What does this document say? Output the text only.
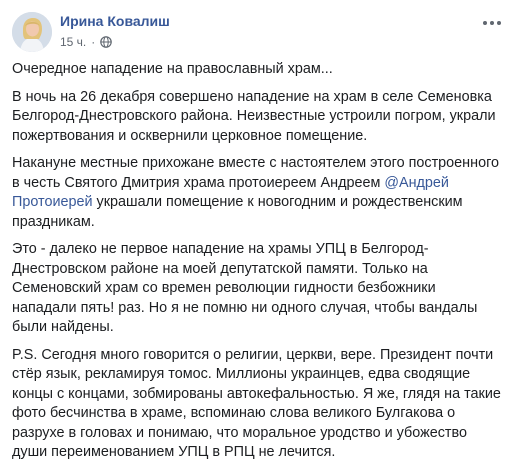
Ирина Ковалиш
15 ч. ·

Очередное нападение на православный храм...

В ночь на 26 декабря совершено нападение на храм в селе Семеновка Белгород-Днестровского района. Неизвестные устроили погром, украли пожертвования и осквернили церковное помещение.

Накануне местные прихожане вместе с настоятелем этого построенного в честь Святого Дмитрия храма протоиереем Андреем @Андрей Протоиерей украшали помещение к новогодним и рождественским праздникам.

Это - далеко не первое нападение на храмы УПЦ в Белгород-Днестровском районе на моей депутатской памяти. Только на Семеновский храм со времен революции гидности безбожники нападали пять! раз. Но я не помню ни одного случая, чтобы вандалы были найдены.

P.S. Сегодня много говорится о религии, церкви, вере. Президент почти стёр язык, рекламируя томос. Миллионы украинцев, едва сводящие концы с концами, зобмированы автокефальностью. Я же, глядя на такие фото бесчинства в храме, вспоминаю слова великого Булгакова о разрухе в головах и понимаю, что моральное уродство и убожество души переименованием УПЦ в РПЦ не лечится.
